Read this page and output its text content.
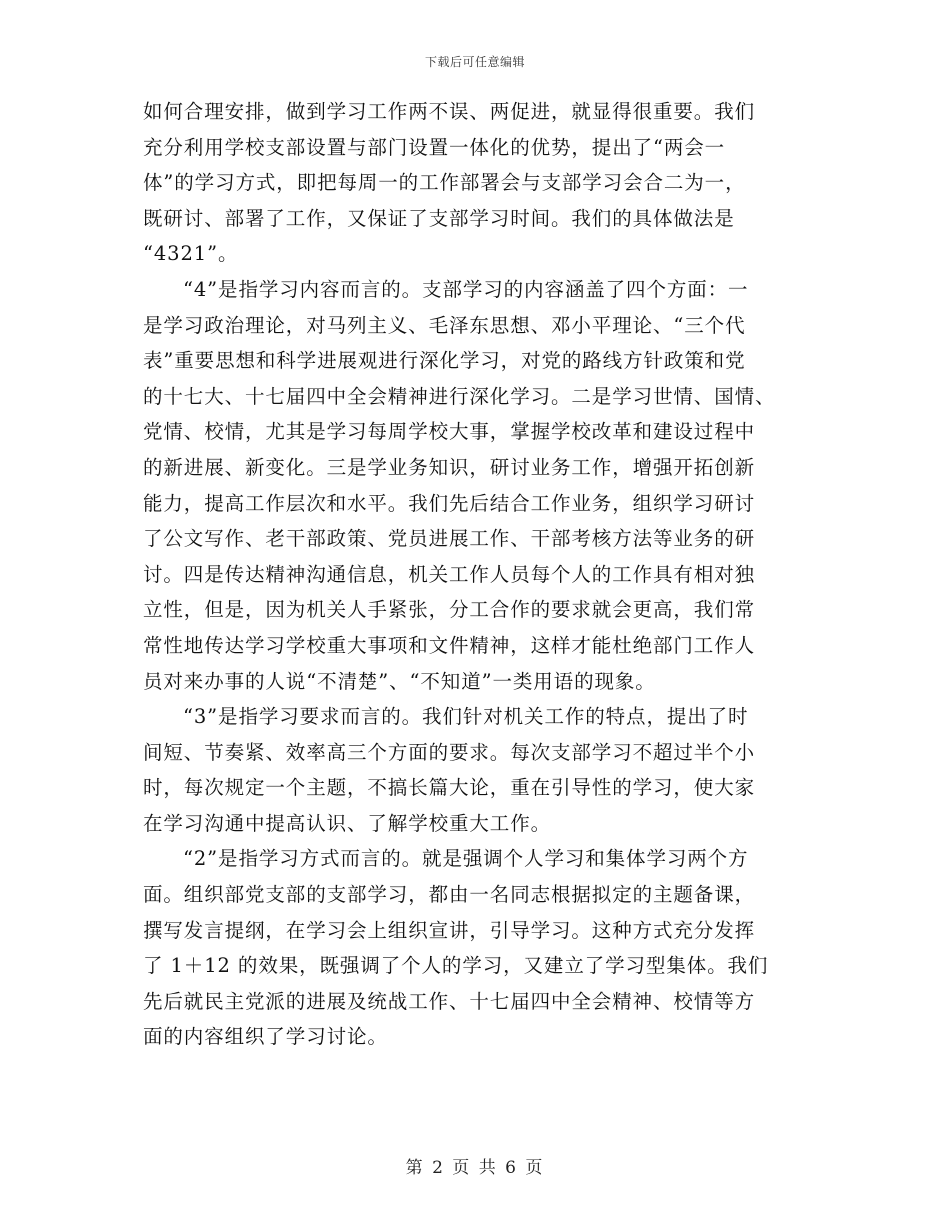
下载后可任意编辑
如何合理安排，做到学习工作两不误、两促进，就显得很重要。我们
充分利用学校支部设置与部门设置一体化的优势，提出了“两会一
体”的学习方式，即把每周一的工作部署会与支部学习会合二为一，
既研讨、部署了工作，又保证了支部学习时间。我们的具体做法是
“4321”。
“4”是指学习内容而言的。支部学习的内容涵盖了四个方面：一
是学习政治理论，对马列主义、毛泽东思想、邓小平理论、“三个代
表”重要思想和科学进展观进行深化学习，对党的路线方针政策和党
的十七大、十七届四中全会精神进行深化学习。二是学习世情、国情、
党情、校情，尤其是学习每周学校大事，掌握学校改革和建设过程中
的新进展、新变化。三是学业务知识，研讨业务工作，增强开拓创新
能力，提高工作层次和水平。我们先后结合工作业务，组织学习研讨
了公文写作、老干部政策、党员进展工作、干部考核方法等业务的研
讨。四是传达精神沟通信息，机关工作人员每个人的工作具有相对独
立性，但是，因为机关人手紧张，分工合作的要求就会更高，我们常
常性地传达学习学校重大事项和文件精神，这样才能杜绝部门工作人
员对来办事的人说“不清楚”、“不知道”一类用语的现象。
“3”是指学习要求而言的。我们针对机关工作的特点，提出了时
间短、节奏紧、效率高三个方面的要求。每次支部学习不超过半个小
时，每次规定一个主题，不搞长篇大论，重在引导性的学习，使大家
在学习沟通中提高认识、了解学校重大工作。
“2”是指学习方式而言的。就是强调个人学习和集体学习两个方
面。组织部党支部的支部学习，都由一名同志根据拟定的主题备课，
撰写发言提纲，在学习会上组织宣讲，引导学习。这种方式充分发挥
了 1＋12 的效果，既强调了个人的学习，又建立了学习型集体。我们
先后就民主党派的进展及统战工作、十七届四中全会精神、校情等方
面的内容组织了学习讨论。
第 2 页 共 6 页
